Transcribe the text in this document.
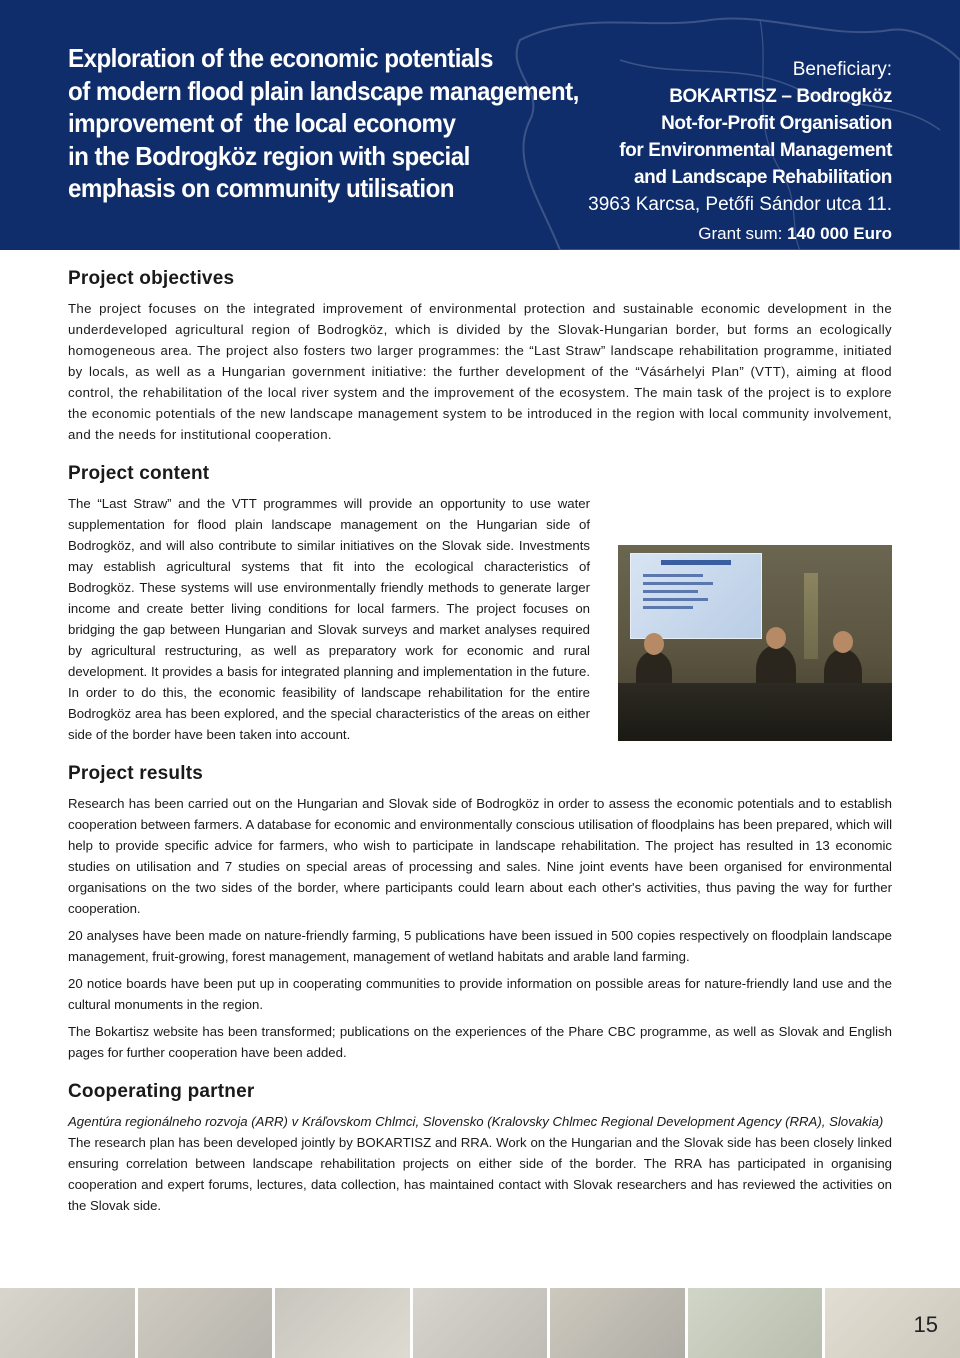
Exploration of the economic potentials
of modern flood plain landscape management,
improvement of  the local economy
in the Bodrogköz region with special
emphasis on community utilisation
Beneficiary:
BOKARTISZ – Bodrogköz
Not-for-Profit Organisation
for Environmental Management
and Landscape Rehabilitation
3963 Karcsa, Petőfi Sándor utca 11.
Grant sum: 140 000 Euro
Project objectives

The project focuses on the integrated improvement of environmental protection and sustainable economic development in the underdeveloped agricultural region of Bodrogköz, which is divided by the Slovak-Hungarian border, but forms an ecologically homogeneous area. The project also fosters two larger programmes: the “Last Straw” landscape rehabilitation programme, initiated by locals, as well as a Hungarian government initiative: the further development of the “Vásárhelyi Plan” (VTT), aiming at flood control, the rehabilitation of the local river system and the improvement of the ecosystem. The main task of the project is to explore the economic potentials of the new landscape management system to be introduced in the region with local community involvement, and the needs for institutional cooperation.

Project content

The “Last Straw” and the VTT programmes will provide an opportunity to use water supplementation for flood plain landscape management on the Hungarian side of Bodrogköz, and will also contribute to similar initiatives on the Slovak side. Investments may establish agricultural systems that fit into the ecological characteristics of Bodrogköz. These systems will use environmentally friendly methods to generate larger income and create better living conditions for local farmers. The project focuses on bridging the gap between Hungarian and Slovak surveys and market analyses required by agricultural restructuring, as well as preparatory work for economic and rural development. It provides a basis for integrated planning and implementation in the future. In order to do this, the economic feasibility of landscape rehabilitation for the entire Bodrogköz area has been explored, and the special characteristics of the areas on either side of the border have been taken into account.

Project results

Research has been carried out on the Hungarian and Slovak side of Bodrogköz in order to assess the economic potentials and to establish cooperation between farmers. A database for economic and environmentally conscious utilisation of floodplains has been prepared, which will help to provide specific advice for farmers, who wish to participate in landscape rehabilitation. The project has resulted in 13 economic studies on utilisation and 7 studies on special areas of processing and sales. Nine joint events have been organised for environmental organisations on the two sides of the border, where participants could learn about each other's activities, thus paving the way for further cooperation.

20 analyses have been made on nature-friendly farming, 5 publications have been issued in 500 copies respectively on floodplain landscape management, fruit-growing, forest management, management of wetland habitats and arable land farming.

20 notice boards have been put up in cooperating communities to provide information on possible areas for nature-friendly land use and the cultural monuments in the region.

The Bokartisz website has been transformed; publications on the experiences of the Phare CBC programme, as well as Slovak and English pages for further cooperation have been added.

Cooperating partner

Agentúra regionálneho rozvoja (ARR) v Kráľovskom Chlmci, Slovensko (Kralovsky Chlmec Regional Development Agency (RRA), Slovakia)

The research plan has been developed jointly by BOKARTISZ and RRA. Work on the Hungarian and the Slovak side has been closely linked ensuring correlation between landscape rehabilitation projects on either side of the border. The RRA has participated in organising cooperation and expert forums, lectures, data collection, has maintained contact with Slovak researchers and has reviewed the activities on the Slovak side.

15
